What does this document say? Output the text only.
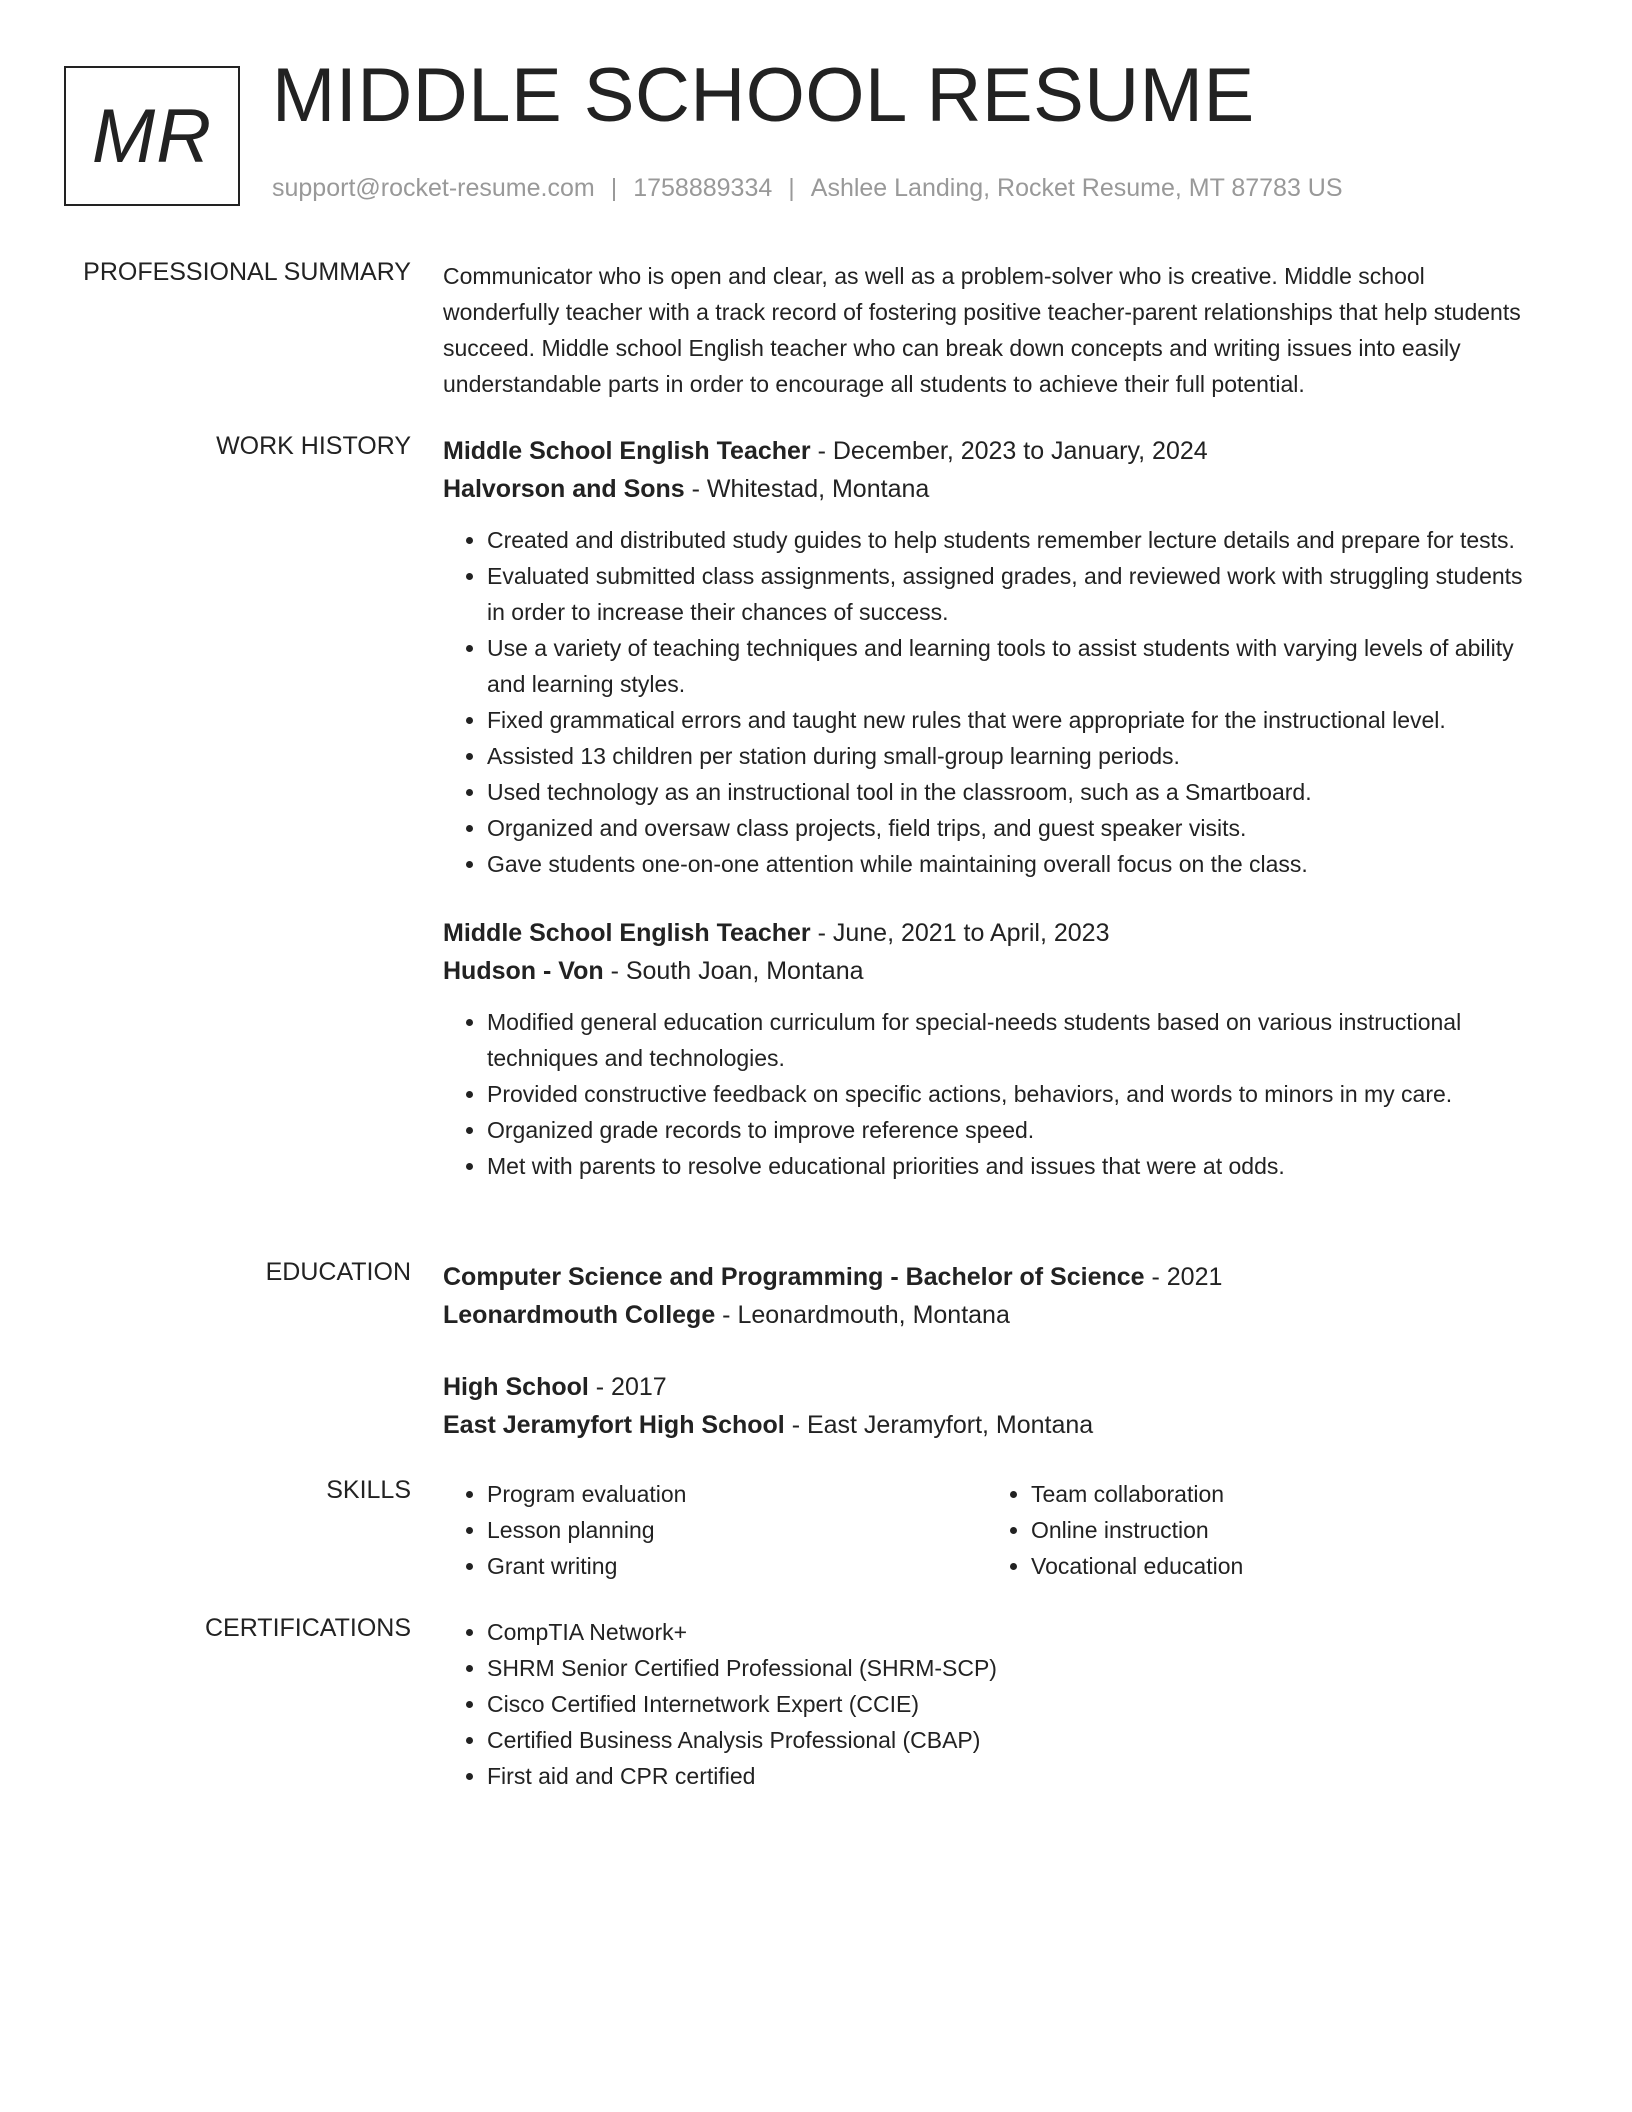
MR MIDDLE SCHOOL RESUME
support@rocket-resume.com | 1758889334 | Ashlee Landing, Rocket Resume, MT 87783 US
PROFESSIONAL SUMMARY Communicator who is open and clear, as well as a problem-solver who is creative. Middle school wonderfully teacher with a track record of fostering positive teacher-parent relationships that help students succeed. Middle school English teacher who can break down concepts and writing issues into easily understandable parts in order to encourage all students to achieve their full potential.

WORK HISTORY Middle School English Teacher - December, 2023 to January, 2024
Halvorson and Sons - Whitestad, Montana
• Created and distributed study guides to help students remember lecture details and prepare for tests.
• Evaluated submitted class assignments, assigned grades, and reviewed work with struggling students in order to increase their chances of success.
• Use a variety of teaching techniques and learning tools to assist students with varying levels of ability and learning styles.
• Fixed grammatical errors and taught new rules that were appropriate for the instructional level.
• Assisted 13 children per station during small-group learning periods.
• Used technology as an instructional tool in the classroom, such as a Smartboard.
• Organized and oversaw class projects, field trips, and guest speaker visits.
• Gave students one-on-one attention while maintaining overall focus on the class.
Middle School English Teacher - June, 2021 to April, 2023
Hudson - Von - South Joan, Montana
• Modified general education curriculum for special-needs students based on various instructional techniques and technologies.
• Provided constructive feedback on specific actions, behaviors, and words to minors in my care.
• Organized grade records to improve reference speed.
• Met with parents to resolve educational priorities and issues that were at odds.
EDUCATION Computer Science and Programming - Bachelor of Science - 2021
Leonardmouth College - Leonardmouth, Montana
High School - 2017
East Jeramyfort High School - East Jeramyfort, Montana
SKILLS	• Program evaluation
• Lesson planning
• Grant writing
• Team collaboration
• Online instruction
• Vocational education
CERTIFICATIONS	• CompTIA Network+
• SHRM Senior Certified Professional (SHRM-SCP)
• Cisco Certified Internetwork Expert (CCIE)
• Certified Business Analysis Professional (CBAP)
• First aid and CPR certified
